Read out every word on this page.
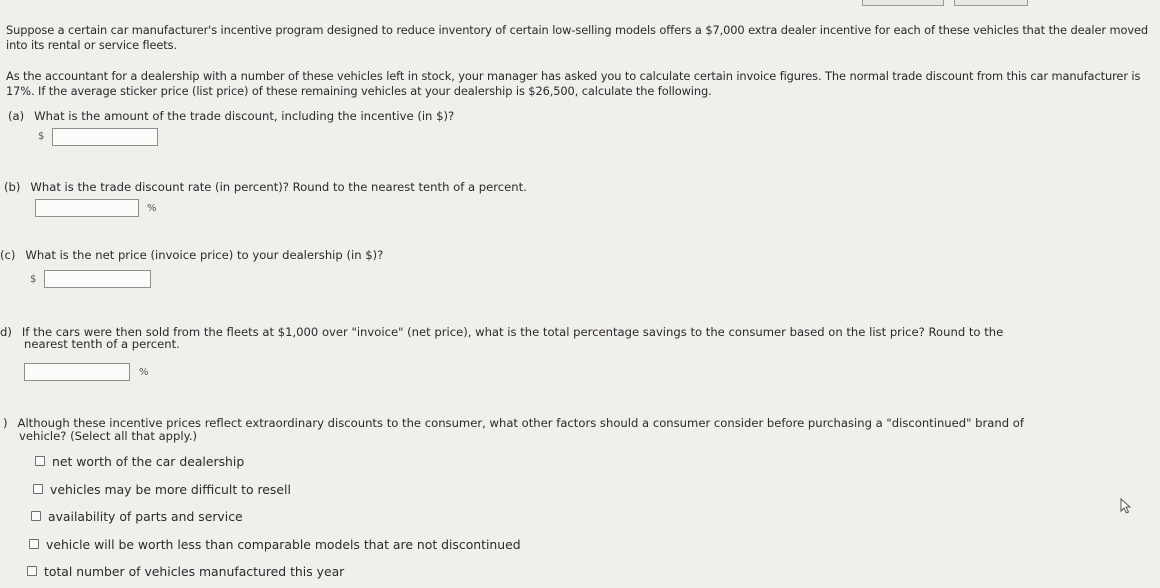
Suppose a certain car manufacturer's incentive program designed to reduce inventory of certain low-selling models offers a $7,000 extra dealer incentive for each of these vehicles that the dealer moved into its rental or service fleets.
As the accountant for a dealership with a number of these vehicles left in stock, your manager has asked you to calculate certain invoice figures. The normal trade discount from this car manufacturer is 17%. If the average sticker price (list price) of these remaining vehicles at your dealership is $26,500, calculate the following.
(a) What is the amount of the trade discount, including the incentive (in $)?
$
(b) What is the trade discount rate (in percent)? Round to the nearest tenth of a percent.
%
(c) What is the net price (invoice price) to your dealership (in $)?
$
d) If the cars were then sold from the fleets at $1,000 over "invoice" (net price), what is the total percentage savings to the consumer based on the list price? Round to the
nearest tenth of a percent.
%
) Although these incentive prices reflect extraordinary discounts to the consumer, what other factors should a consumer consider before purchasing a "discontinued" brand of
vehicle? (Select all that apply.)
net worth of the car dealership
vehicles may be more difficult to resell
availability of parts and service
vehicle will be worth less than comparable models that are not discontinued
total number of vehicles manufactured this year
